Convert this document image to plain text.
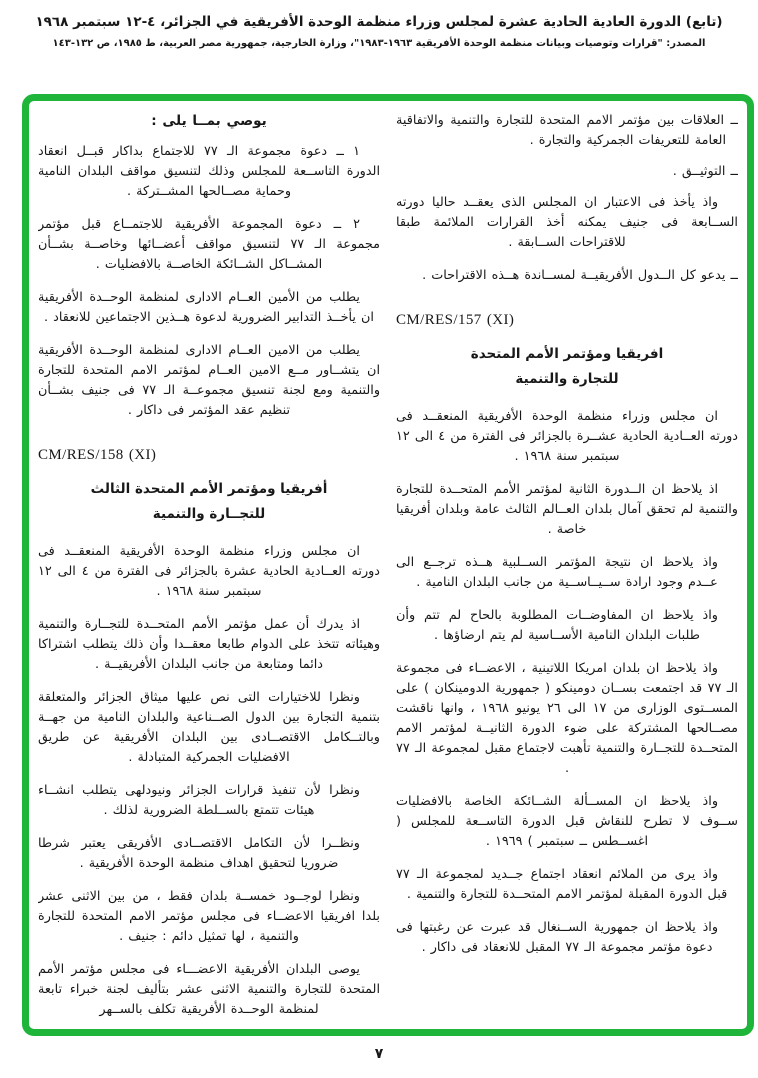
(تابع) الدورة العادية الحادية عشرة لمجلس وزراء منظمة الوحدة الأفريقية في الجزائر، ٤-١٢ سبتمبر ١٩٦٨
المصدر: "قرارات وتوصيات وبيانات منظمة الوحدة الأفريقية ١٩٦٣-١٩٨٣"، وزارة الخارجية، جمهورية مصر العربية، ط ١٩٨٥، ص ١٣٢-١٤٣

ــ العلاقات بين مؤتمر الامم المتحدة للتجارة والتنمية والاتفاقية العامة للتعريفات الجمركية والتجارة .

ــ التوثيــق .

واذ يأخذ فى الاعتبار ان المجلس الذى يعقــد حاليا دورته الســابعة فى جنيف يمكنه أخذ القرارات الملائمة طبقا للاقتراحات الســابقة .

ــ يدعو كل الــدول الأفريقيــة لمســاندة هــذه الاقتراحات .

CM/RES/157 (XI)

افريقيا ومؤتمر الأمم المتحدة
للتجارة والتنمية

ان مجلس وزراء منظمة الوحدة الأفريقية المنعقــد فى دورته العــادية الحادية عشــرة بالجزائر فى الفترة من ٤ الى ١٢ سبتمبر سنة ١٩٦٨ .

اذ يلاحظ ان الــدورة الثانية لمؤتمر الأمم المتحــدة للتجارة والتنمية لم تحقق آمال بلدان العــالم الثالث عامة وبلدان أفريقيا خاصة .

واذ يلاحظ ان نتيجة المؤتمر الســلبية هــذه ترجــع الى عــدم وجود ارادة ســيــاســية من جانب البلدان النامية .

واذ يلاحظ ان المفاوضــات المطلوبة بالحاح لم تتم وأن طلبات البلدان النامية الأســاسية لم يتم ارضاؤها .

واذ يلاحظ ان بلدان امريكا اللاتينية ، الاعضــاء فى مجموعة الـ ٧٧ قد اجتمعت بســان دومينكو ( جمهورية الدومينكان ) على المســتوى الوزارى من ١٧ الى ٢٦ يونيو ١٩٦٨ ، وانها ناقشت مصــالحها المشتركة على ضوء الدورة الثانيــة لمؤتمر الامم المتحــدة للتجــارة والتنمية تأهبت لاجتماع مقبل لمجموعة الـ ٧٧ .

واذ يلاحظ ان المســألة الشــائكة الخاصة بالافضليات ســوف لا تطرح للنقاش قبل الدورة التاســعة للمجلس ( اغســطس ــ سبتمبر ) ١٩٦٩ .

واذ يرى من الملائم انعقاد اجتماع جــديد لمجموعة الـ ٧٧ قبل الدورة المقبلة لمؤتمر الامم المتحــدة للتجارة والتنمية .

واذ يلاحظ ان جمهورية الســنغال قد عبرت عن رغبتها فى دعوة مؤتمر مجموعة الـ ٧٧ المقبل للانعقاد فى داكار .

يوصي بمــا يلى :

١ ــ دعوة مجموعة الـ ٧٧ للاجتماع بداكار قبــل انعقاد الدورة التاســعة للمجلس وذلك لتنسيق مواقف البلدان النامية وحماية مصــالحها المشــتركة .

٢ ــ دعوة المجموعة الأفريقية للاجتمــاع قبل مؤتمر مجموعة الـ ٧٧ لتنسيق مواقف أعضــائها وخاصــة بشــأن المشــاكل الشــائكة الخاصــة بالافضليات .

يطلب من الأمين العــام الادارى لمنظمة الوحــدة الأفريقية ان يأخــذ التدابير الضرورية لدعوة هــذين الاجتماعين للانعقاد .

يطلب من الامين العــام الادارى لمنظمة الوحــدة الأفريقية ان يتشــاور مــع الامين العــام لمؤتمر الامم المتحدة للتجارة والتنمية ومع لجنة تنسيق مجموعــة الـ ٧٧ فى جنيف بشــأن تنظيم عقد المؤتمر فى داكار .

CM/RES/158 (XI)

أفريقيا ومؤتمر الأمم المتحدة الثالث
للتجــارة والتنمية

ان مجلس وزراء منظمة الوحدة الأفريقية المنعقــد فى دورته العــادية الحادية عشرة بالجزائر فى الفترة من ٤ الى ١٢ سبتمبر سنة ١٩٦٨ .

اذ يدرك أن عمل مؤتمر الأمم المتحــدة للتجــارة والتنمية وهيئاته تتخذ على الدوام طابعا معقــدا وأن ذلك يتطلب اشتراكا دائما ومتابعة من جانب البلدان الأفريقيــة .

ونظرا للاختيارات التى نص عليها ميثاق الجزائر والمتعلقة بتنمية التجارة بين الدول الصــناعية والبلدان النامية من جهــة وبالتــكامل الاقتصــادى بين البلدان الأفريقية عن طريق الافضليات الجمركية المتبادلة .

ونظرا لأن تنفيذ قرارات الجزائر ونيودلهى يتطلب انشــاء هيئات تتمتع بالســلطة الضرورية لذلك .

ونظــرا لأن التكامل الاقتصــادى الأفريقى يعتبر شرطا ضروريا لتحقيق اهداف منظمة الوحدة الأفريقية .

ونظرا لوجــود خمســة بلدان فقط ، من بين الاثنى عشر بلدا افريقيا الاعضــاء فى مجلس مؤتمر الامم المتحدة للتجارة والتنمية ، لها تمثيل دائم : جنيف .

يوصى البلدان الأفريقية الاعضـــاء فى مجلس مؤتمر الأمم المتحدة للتجارة والتنمية الاثنى عشر بتأليف لجنة خبراء تابعة لمنظمة الوحــدة الأفريقية تكلف بالســهر

٧
